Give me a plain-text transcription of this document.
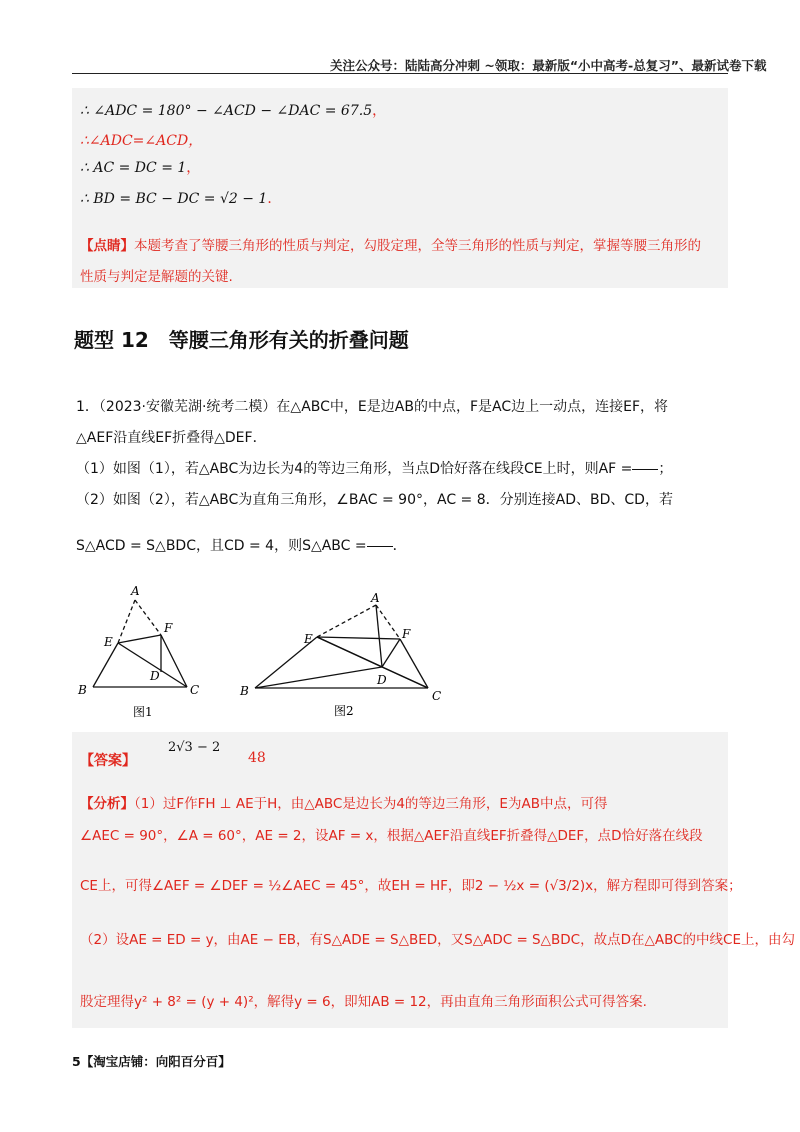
关注公众号：陆陆高分冲刺 ~领取：最新版“小中高考-总复习”、最新试卷下载
∴ ∠ADC = 180° − ∠ACD − ∠DAC = 67.5，
∴∠ADC=∠ACD，
∴ AC = DC = 1，
∴ BD = BC − DC = √2 − 1．
【点睛】本题考查了等腰三角形的性质与判定，勾股定理，全等三角形的性质与判定，掌握等腰三角形的
性质与判定是解题的关键.
题型 12　等腰三角形有关的折叠问题
1．（2023·安徽芜湖·统考二模）在△ABC中，E是边AB的中点，F是AC边上一动点，连接EF，将
△AEF沿直线EF折叠得△DEF．
（1）如图（1），若△ABC为边长为4的等边三角形，当点D恰好落在线段CE上时，则AF = ；
（2）如图（2），若△ABC为直角三角形，∠BAC = 90°，AC = 8．分别连接AD、BD、CD，若
S△ACD = S△BDC，且CD = 4，则S△ABC = ．
A
B	C
D
E
F
图1
A
B	C
D
E	F
图2
【答案】
2√3 − 2
48
【分析】（1）过F作FH ⊥ AE于H，由△ABC是边长为4的等边三角形，E为AB中点，可得
∠AEC = 90°，∠A = 60°，AE = 2，设AF = x，根据△AEF沿直线EF折叠得△DEF，点D恰好落在线段
CE上，可得∠AEF = ∠DEF = ½∠AEC = 45°，故EH = HF，即2 − ½x = (√3/2)x，解方程即可得到答案；
（2）设AE = ED = y，由AE − EB，有S△ADE = S△BED，又S△ADC = S△BDC，故点D在△ABC的中线CE上，由勾
股定理得y² + 8² = (y + 4)²，解得y = 6，即知AB = 12，再由直角三角形面积公式可得答案.
5【淘宝店铺：向阳百分百】
